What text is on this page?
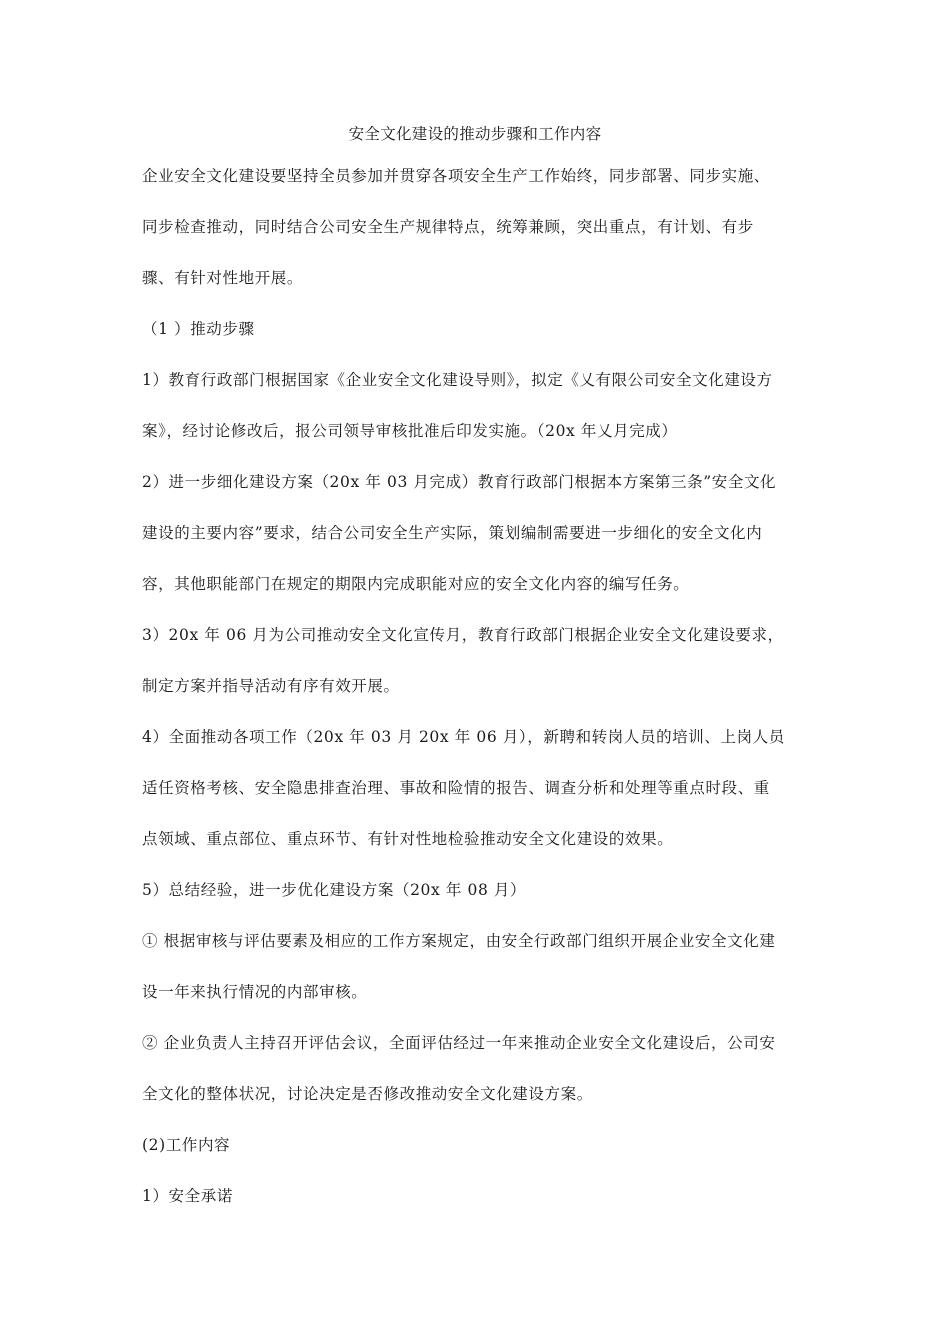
安全文化建设的推动步骤和工作内容
企业安全文化建设要坚持全员参加并贯穿各项安全生产工作始终，同步部署、同步实施、
同步检查推动，同时结合公司安全生产规律特点，统筹兼顾，突出重点，有计划、有步
骤、有针对性地开展。
（1 ）推动步骤
1）教育行政部门根据国家《企业安全文化建设导则》，拟定《乂有限公司安全文化建设方
案》，经讨论修改后，报公司领导审核批准后印发实施。（20x 年乂月完成）
2）进一步细化建设方案（20x 年 03 月完成）教育行政部门根据本方案第三条”安全文化
建设的主要内容”要求，结合公司安全生产实际，策划编制需要进一步细化的安全文化内
容，其他职能部门在规定的期限内完成职能对应的安全文化内容的编写任务。
3）20x 年 06 月为公司推动安全文化宣传月，教育行政部门根据企业安全文化建设要求，
制定方案并指导活动有序有效开展。
4）全面推动各项工作（20x 年 03 月 20x 年 06 月），新聘和转岗人员的培训、上岗人员
适任资格考核、安全隐患排查治理、事故和险情的报告、调查分析和处理等重点时段、重
点领域、重点部位、重点环节、有针对性地检验推动安全文化建设的效果。
5）总结经验，进一步优化建设方案（20x 年 08 月）
① 根据审核与评估要素及相应的工作方案规定，由安全行政部门组织开展企业安全文化建
设一年来执行情况的内部审核。
② 企业负责人主持召开评估会议，全面评估经过一年来推动企业安全文化建设后，公司安
全文化的整体状况，讨论决定是否修改推动安全文化建设方案。
(2)工作内容
1）安全承诺
